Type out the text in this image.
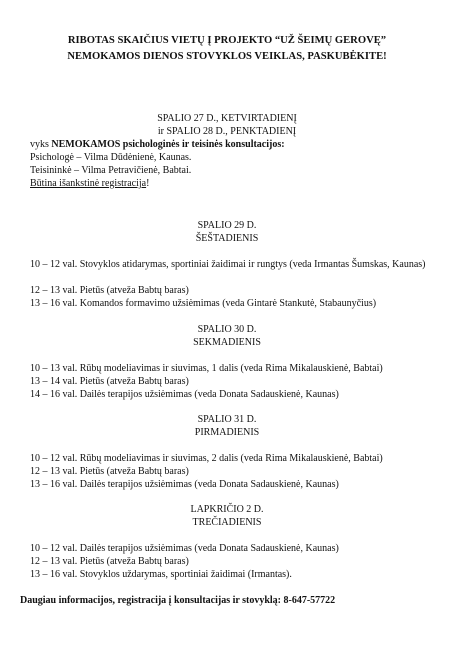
RIBOTAS SKAIČIUS VIETŲ Į PROJEKTO “UŽ ŠEIMŲ GEROVĘ”
NEMOKAMOS DIENOS STOVYKLOS VEIKLAS, PASKUBĖKITE!
SPALIO 27 D., KETVIRTADIENĮ
ir SPALIO 28 D., PENKTADIENĮ
vyks NEMOKAMOS psichologinės ir teisinės konsultacijos:
Psichologė – Vilma Dūdėnienė, Kaunas.
Teisininkė – Vilma Petravičienė, Babtai.
Būtina išankstinė registracija!
SPALIO 29 D.
ŠEŠTADIENIS
10 – 12 val. Stovyklos atidarymas, sportiniai žaidimai ir rungtys (veda Irmantas Šumskas, Kaunas)
12 – 13 val. Pietūs (atveža Babtų baras)
13 – 16 val. Komandos formavimo užsiėmimas (veda Gintarė Stankutė, Stabaunyčius)
SPALIO 30 D.
SEKMADIENIS
10 – 13 val. Rūbų modeliavimas ir siuvimas, 1 dalis (veda Rima Mikalauskienė, Babtai)
13 – 14 val. Pietūs (atveža Babtų baras)
14 – 16 val. Dailės terapijos užsiėmimas (veda Donata Sadauskienė, Kaunas)
SPALIO 31 D.
PIRMADIENIS
10 – 12 val. Rūbų modeliavimas ir siuvimas, 2 dalis (veda Rima Mikalauskienė, Babtai)
12 – 13 val. Pietūs (atveža Babtų baras)
13 – 16 val. Dailės terapijos užsiėmimas (veda Donata Sadauskienė, Kaunas)
LAPKRIČIO 2 D.
TREČIADIENIS
10 – 12 val. Dailės terapijos užsiėmimas (veda Donata Sadauskienė, Kaunas)
12 – 13 val. Pietūs (atveža Babtų baras)
13 – 16 val. Stovyklos uždarymas, sportiniai žaidimai (Irmantas).
Daugiau informacijos, registracija į konsultacijas ir stovyklą: 8-647-57722
